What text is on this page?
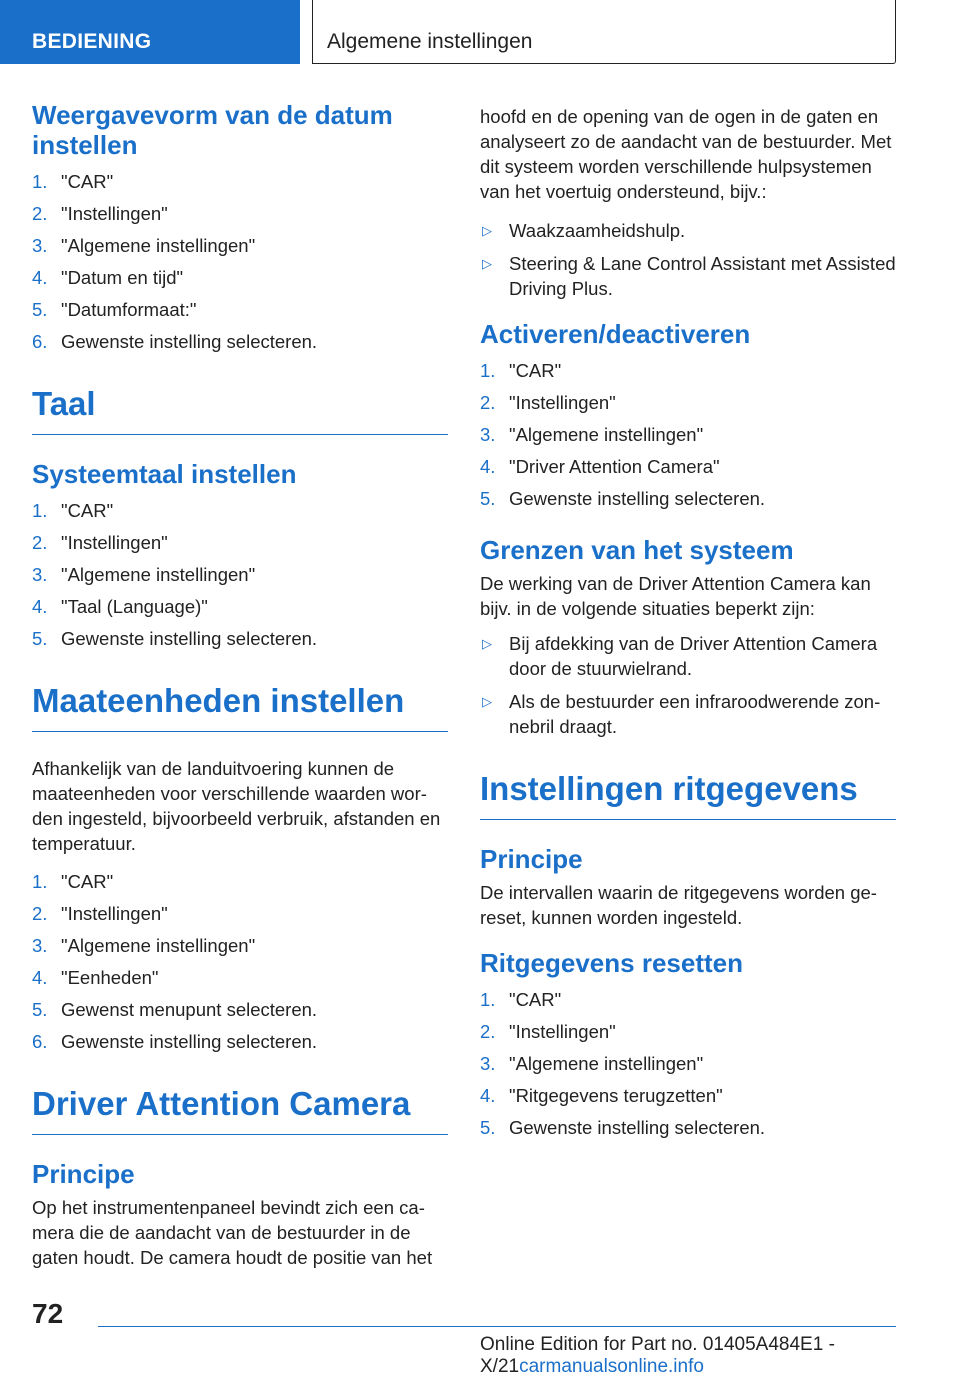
BEDIENING	Algemene instellingen
Weergavevorm van de datum instellen
1. "CAR"
2. "Instellingen"
3. "Algemene instellingen"
4. "Datum en tijd"
5. "Datumformaat:"
6. Gewenste instelling selecteren.
Taal
Systeemtaal instellen
1. "CAR"
2. "Instellingen"
3. "Algemene instellingen"
4. "Taal (Language)"
5. Gewenste instelling selecteren.
Maateenheden instellen

Afhankelijk van de landuitvoering kunnen de maateenheden voor verschillende waarden worden ingesteld, bijvoorbeeld verbruik, afstanden en temperatuur.

1. "CAR"
2. "Instellingen"
3. "Algemene instellingen"
4. "Eenheden"
5. Gewenst menupunt selecteren.
6. Gewenste instelling selecteren.
Driver Attention Camera
Principe

Op het instrumentenpaneel bevindt zich een camera die de aandacht van de bestuurder in de gaten houdt. De camera houdt de positie van het

hoofd en de opening van de ogen in de gaten en analyseert zo de aandacht van de bestuurder. Met dit systeem worden verschillende hulpsystemen van het voertuig ondersteund, bijv.:

▷ Waakzaamheidshulp.
▷ Steering & Lane Control Assistant met Assisted Driving Plus.
Activeren/deactiveren
1. "CAR"
2. "Instellingen"
3. "Algemene instellingen"
4. "Driver Attention Camera"
5. Gewenste instelling selecteren.
Grenzen van het systeem

De werking van de Driver Attention Camera kan bijv. in de volgende situaties beperkt zijn:

▷ Bij afdekking van de Driver Attention Camera door de stuurwielrand.
▷ Als de bestuurder een infraroodwerende zonnebril draagt.
Instellingen ritgegevens
Principe

De intervallen waarin de ritgegevens worden gereset, kunnen worden ingesteld.

Ritgegevens resetten
1. "CAR"
2. "Instellingen"
3. "Algemene instellingen"
4. "Ritgegevens terugzetten"
5. Gewenste instelling selecteren.
72
Online Edition for Part no. 01405A484E1 - X/21carmanualsonline.info
